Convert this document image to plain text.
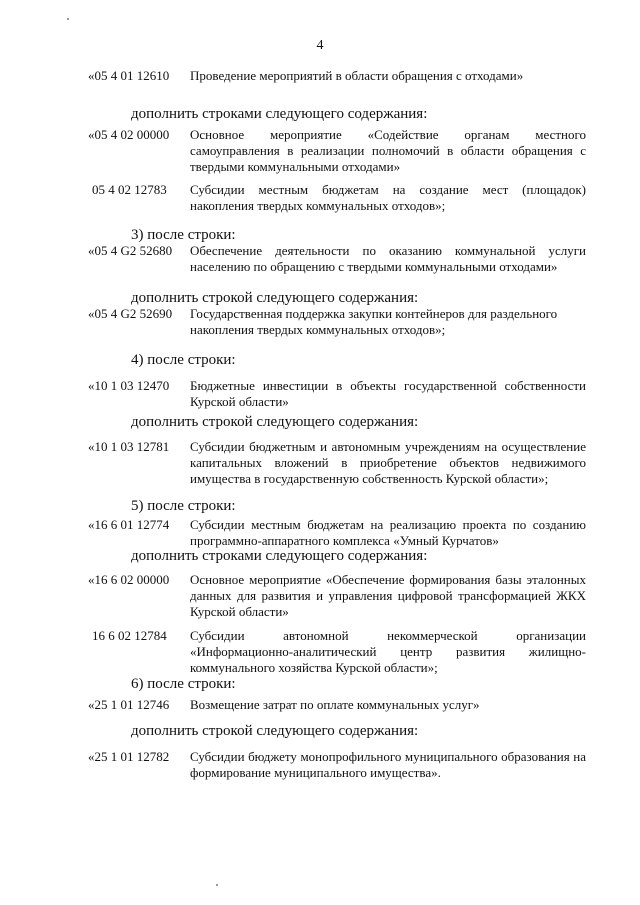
4
«05 4 01 12610 Проведение мероприятий в области обращения с отходами»
дополнить строками следующего содержания:
«05 4 02 00000 Основное мероприятие «Содействие органам местного самоуправления в реализации полномочий в области обращения с твердыми коммунальными отходами»
05 4 02 12783 Субсидии местным бюджетам на создание мест (площадок) накопления твердых коммунальных отходов»;
3) после строки:
«05 4 G2 52680 Обеспечение деятельности по оказанию коммунальной услуги населению по обращению с твердыми коммунальными отходами»
дополнить строкой следующего содержания:
«05 4 G2 52690 Государственная поддержка закупки контейнеров для раздельного накопления твердых коммунальных отходов»;
4) после строки:
«10 1 03 12470 Бюджетные инвестиции в объекты государственной собственности Курской области»
дополнить строкой следующего содержания:
«10 1 03 12781 Субсидии бюджетным и автономным учреждениям на осуществление капитальных вложений в приобретение объектов недвижимого имущества в государственную собственность Курской области»;
5) после строки:
«16 6 01 12774 Субсидии местным бюджетам на реализацию проекта по созданию программно-аппаратного комплекса «Умный Курчатов»
дополнить строками следующего содержания:
«16 6 02 00000 Основное мероприятие «Обеспечение формирования базы эталонных данных для развития и управления цифровой трансформацией ЖКХ Курской области»
16 6 02 12784 Субсидии автономной некоммерческой организации «Информационно-аналитический центр развития жилищно-коммунального хозяйства Курской области»;
6) после строки:
«25 1 01 12746 Возмещение затрат по оплате коммунальных услуг»
дополнить строкой следующего содержания:
«25 1 01 12782 Субсидии бюджету монопрофильного муниципального образования на формирование муниципального имущества».
